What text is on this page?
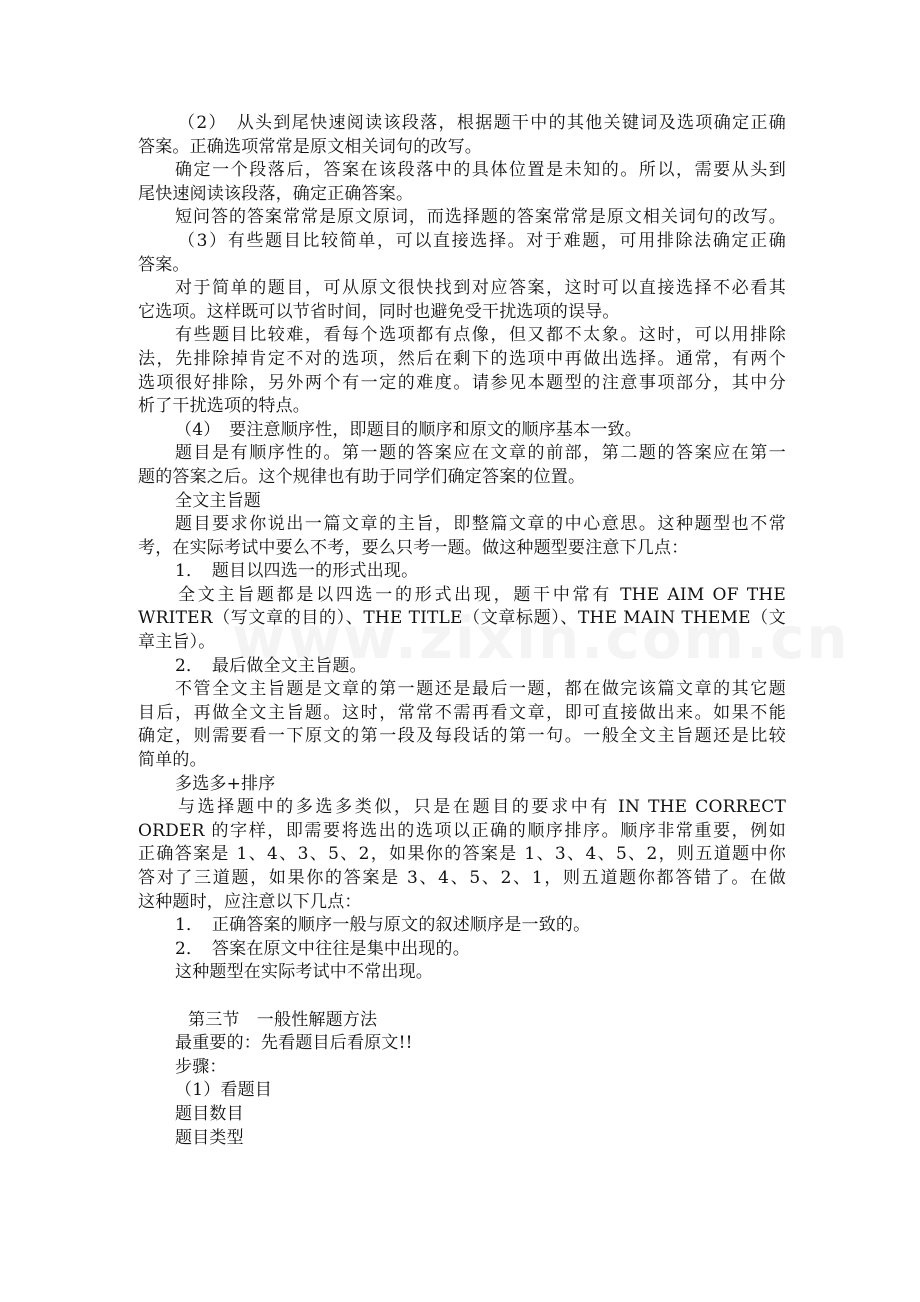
（2）　从头到尾快速阅读该段落，根据题干中的其他关键词及选项确定正确

答案。正确选项常常是原文相关词句的改写。

确定一个段落后，答案在该段落中的具体位置是未知的。所以，需要从头到

尾快速阅读该段落，确定正确答案。

短问答的答案常常是原文原词，而选择题的答案常常是原文相关词句的改写。

（3）有些题目比较简单，可以直接选择。对于难题，可用排除法确定正确

答案。

对于简单的题目，可从原文很快找到对应答案，这时可以直接选择不必看其

它选项。这样既可以节省时间，同时也避免受干扰选项的误导。

有些题目比较难，看每个选项都有点像，但又都不太象。这时，可以用排除

法，先排除掉肯定不对的选项，然后在剩下的选项中再做出选择。通常，有两个

选项很好排除，另外两个有一定的难度。请参见本题型的注意事项部分，其中分

析了干扰选项的特点。

（4）　要注意顺序性，即题目的顺序和原文的顺序基本一致。

题目是有顺序性的。第一题的答案应在文章的前部，第二题的答案应在第一

题的答案之后。这个规律也有助于同学们确定答案的位置。

全文主旨题

题目要求你说出一篇文章的主旨，即整篇文章的中心意思。这种题型也不常

考，在实际考试中要么不考，要么只考一题。做这种题型要注意下几点：

1．　题目以四选一的形式出现。

全文主旨题都是以四选一的形式出现，题干中常有 THE AIM OF THE

WRITER（写文章的目的）、THE TITLE（文章标题）、THE MAIN THEME（文

章主旨）。

2．　最后做全文主旨题。

不管全文主旨题是文章的第一题还是最后一题，都在做完该篇文章的其它题

目后，再做全文主旨题。这时，常常不需再看文章，即可直接做出来。如果不能

确定，则需要看一下原文的第一段及每段话的第一句。一般全文主旨题还是比较

简单的。

多选多+排序

与选择题中的多选多类似，只是在题目的要求中有 IN THE CORRECT

ORDER 的字样，即需要将选出的选项以正确的顺序排序。顺序非常重要，例如

正确答案是 1、4、3、5、2，如果你的答案是 1、3、4、5、2，则五道题中你

答对了三道题，如果你的答案是 3、4、5、2、1，则五道题你都答错了。在做

这种题时，应注意以下几点：

1．　正确答案的顺序一般与原文的叙述顺序是一致的。

2．　答案在原文中往往是集中出现的。

这种题型在实际考试中不常出现。

第三节　一般性解题方法

最重要的：先看题目后看原文!!

步骤：

（1）看题目

题目数目

题目类型
